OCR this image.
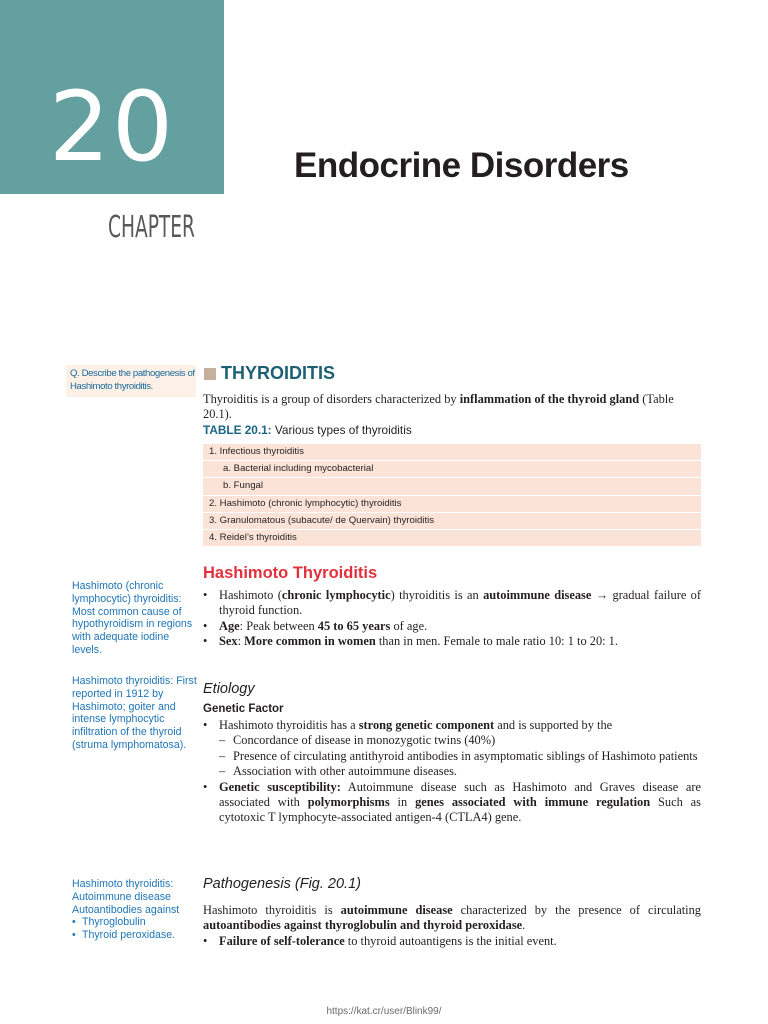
20
CHAPTER
Endocrine Disorders
Q. Describe the pathogenesis of Hashimoto thyroiditis.
Hashimoto (chronic lymphocytic) thyroiditis: Most common cause of hypothyroidism in regions with adequate iodine levels.
Hashimoto thyroiditis: First reported in 1912 by Hashimoto; goiter and intense lymphocytic infiltration of the thyroid (struma lymphomatosa).
Hashimoto thyroiditis: Autoimmune disease Autoantibodies against
• Thyroglobulin
• Thyroid peroxidase.
THYROIDITIS
Thyroiditis is a group of disorders characterized by inflammation of the thyroid gland (Table 20.1).
TABLE 20.1: Various types of thyroiditis
1. Infectious thyroiditis
a. Bacterial including mycobacterial
b. Fungal
2. Hashimoto (chronic lymphocytic) thyroiditis
3. Granulomatous (subacute/ de Quervain) thyroiditis
4. Reidel’s thyroiditis
Hashimoto Thyroiditis
• Hashimoto (chronic lymphocytic) thyroiditis is an autoimmune disease → gradual failure of thyroid function.
• Age: Peak between 45 to 65 years of age.
• Sex: More common in women than in men. Female to male ratio 10: 1 to 20: 1.
Etiology
Genetic Factor
• Hashimoto thyroiditis has a strong genetic component and is supported by the
– Concordance of disease in monozygotic twins (40%)
– Presence of circulating antithyroid antibodies in asymptomatic siblings of Hashimoto patients
– Association with other autoimmune diseases.
• Genetic susceptibility: Autoimmune disease such as Hashimoto and Graves disease are associated with polymorphisms in genes associated with immune regulation Such as cytotoxic T lymphocyte-associated antigen-4 (CTLA4) gene.
Pathogenesis (Fig. 20.1)
Hashimoto thyroiditis is autoimmune disease characterized by the presence of circulating autoantibodies against thyroglobulin and thyroid peroxidase.
• Failure of self-tolerance to thyroid autoantigens is the initial event.
https://kat.cr/user/Blink99/
